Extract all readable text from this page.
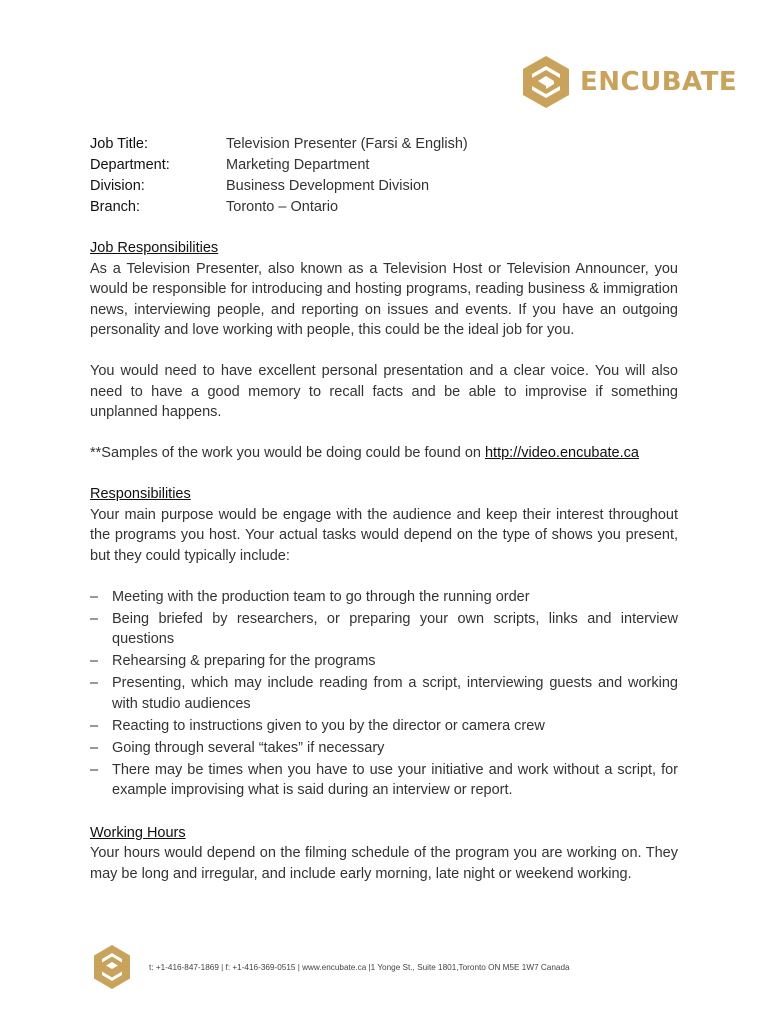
ENCUBATE
Job Title:	Television Presenter (Farsi & English)
Department:	Marketing Department
Division:	Business Development Division
Branch:	Toronto – Ontario

Job Responsibilities

As a Television Presenter, also known as a Television Host or Television Announcer, you would be responsible for introducing and hosting programs, reading business & immigration news, interviewing people, and reporting on issues and events. If you have an outgoing personality and love working with people, this could be the ideal job for you.

You would need to have excellent personal presentation and a clear voice. You will also need to have a good memory to recall facts and be able to improvise if something unplanned happens.

**Samples of the work you would be doing could be found on http://video.encubate.ca

Responsibilities

Your main purpose would be engage with the audience and keep their interest throughout the programs you host. Your actual tasks would depend on the type of shows you present, but they could typically include:

– Meeting with the production team to go through the running order
– Being briefed by researchers, or preparing your own scripts, links and interview questions
– Rehearsing & preparing for the programs
– Presenting, which may include reading from a script, interviewing guests and working with studio audiences
– Reacting to instructions given to you by the director or camera crew
– Going through several “takes” if necessary
– There may be times when you have to use your initiative and work without a script, for example improvising what is said during an interview or report.

Working Hours

Your hours would depend on the filming schedule of the program you are working on. They may be long and irregular, and include early morning, late night or weekend working.

t: +1-416-847-1869 | f: +1-416-369-0515 | www.encubate.ca |1 Yonge St., Suite 1801,Toronto ON M5E 1W7 Canada
